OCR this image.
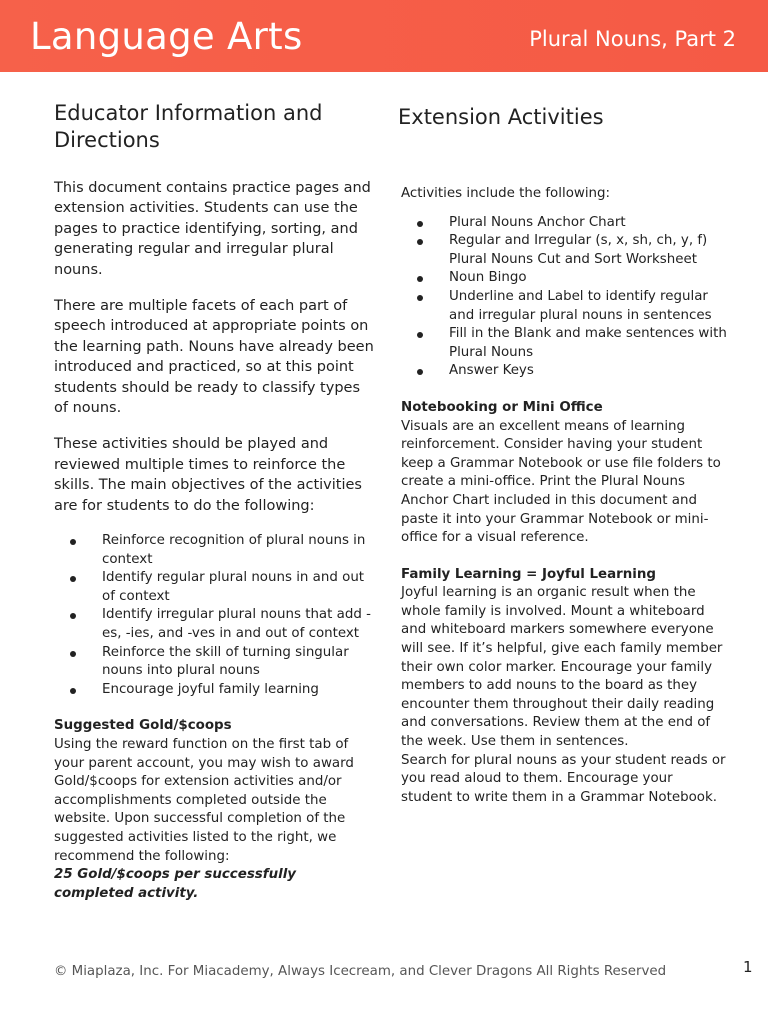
Language Arts	Plural Nouns, Part 2
Educator Information and Directions

This document contains practice pages and extension activities. Students can use the pages to practice identifying, sorting, and generating regular and irregular plural nouns.

There are multiple facets of each part of speech introduced at appropriate points on the learning path. Nouns have already been introduced and practiced, so at this point students should be ready to classify types of nouns.

These activities should be played and reviewed multiple times to reinforce the skills. The main objectives of the activities are for students to do the following:

Reinforce recognition of plural nouns in context
Identify regular plural nouns in and out of context
Identify irregular plural nouns that add -es, -ies, and -ves in and out of context
Reinforce the skill of turning singular nouns into plural nouns
Encourage joyful family learning

Suggested Gold/$coops

Using the reward function on the first tab of your parent account, you may wish to award Gold/$coops for extension activities and/or accomplishments completed outside the website. Upon successful completion of the suggested activities listed to the right, we recommend the following:

25 Gold/$coops per successfully completed activity.

Extension Activities

Activities include the following:

Plural Nouns Anchor Chart
Regular and Irregular (s, x, sh, ch, y, f) Plural Nouns Cut and Sort Worksheet
Noun Bingo
Underline and Label to identify regular and irregular plural nouns in sentences
Fill in the Blank and make sentences with Plural Nouns
Answer Keys

Notebooking or Mini Office

Visuals are an excellent means of learning reinforcement. Consider having your student keep a Grammar Notebook or use file folders to create a mini-office. Print the Plural Nouns Anchor Chart included in this document and paste it into your Grammar Notebook or mini-office for a visual reference.

Family Learning = Joyful Learning

Joyful learning is an organic result when the whole family is involved. Mount a whiteboard and whiteboard markers somewhere everyone will see. If it’s helpful, give each family member their own color marker. Encourage your family members to add nouns to the board as they encounter them throughout their daily reading and conversations. Review them at the end of the week. Use them in sentences.

Search for plural nouns as your student reads or you read aloud to them. Encourage your student to write them in a Grammar Notebook.

© Miaplaza, Inc. For Miacademy, Always Icecream, and Clever Dragons All Rights Reserved	1
